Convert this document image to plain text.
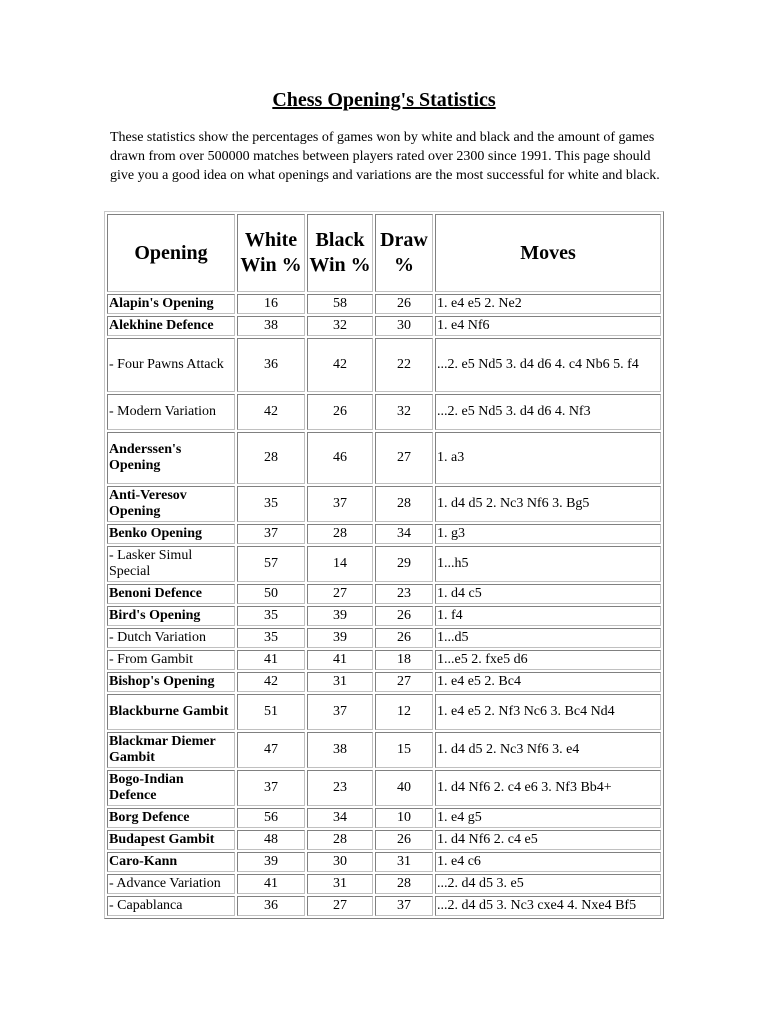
Chess Opening's Statistics

These statistics show the percentages of games won by white and black and the amount of games drawn from over 500000 matches between players rated over 2300 since 1991. This page should give you a good idea on what openings and variations are the most successful for white and black.

Opening	White Win %	Black Win %	Draw %	Moves
Alapin's Opening	16	58	26	1. e4 e5 2. Ne2
Alekhine Defence	38	32	30	1. e4 Nf6
- Four Pawns Attack	36	42	22	...2. e5 Nd5 3. d4 d6 4. c4 Nb6 5. f4
- Modern Variation	42	26	32	...2. e5 Nd5 3. d4 d6 4. Nf3
Anderssen's Opening	28	46	27	1. a3
Anti-Veresov Opening	35	37	28	1. d4 d5 2. Nc3 Nf6 3. Bg5
Benko Opening	37	28	34	1. g3
- Lasker Simul Special	57	14	29	1...h5
Benoni Defence	50	27	23	1. d4 c5
Bird's Opening	35	39	26	1. f4
- Dutch Variation	35	39	26	1...d5
- From Gambit	41	41	18	1...e5 2. fxe5 d6
Bishop's Opening	42	31	27	1. e4 e5 2. Bc4
Blackburne Gambit	51	37	12	1. e4 e5 2. Nf3 Nc6 3. Bc4 Nd4
Blackmar Diemer Gambit	47	38	15	1. d4 d5 2. Nc3 Nf6 3. e4
Bogo-Indian Defence	37	23	40	1. d4 Nf6 2. c4 e6 3. Nf3 Bb4+
Borg Defence	56	34	10	1. e4 g5
Budapest Gambit	48	28	26	1. d4 Nf6 2. c4 e5
Caro-Kann	39	30	31	1. e4 c6
- Advance Variation	41	31	28	...2. d4 d5 3. e5
- Capablanca	36	27	37	...2. d4 d5 3. Nc3 cxe4 4. Nxe4 Bf5
